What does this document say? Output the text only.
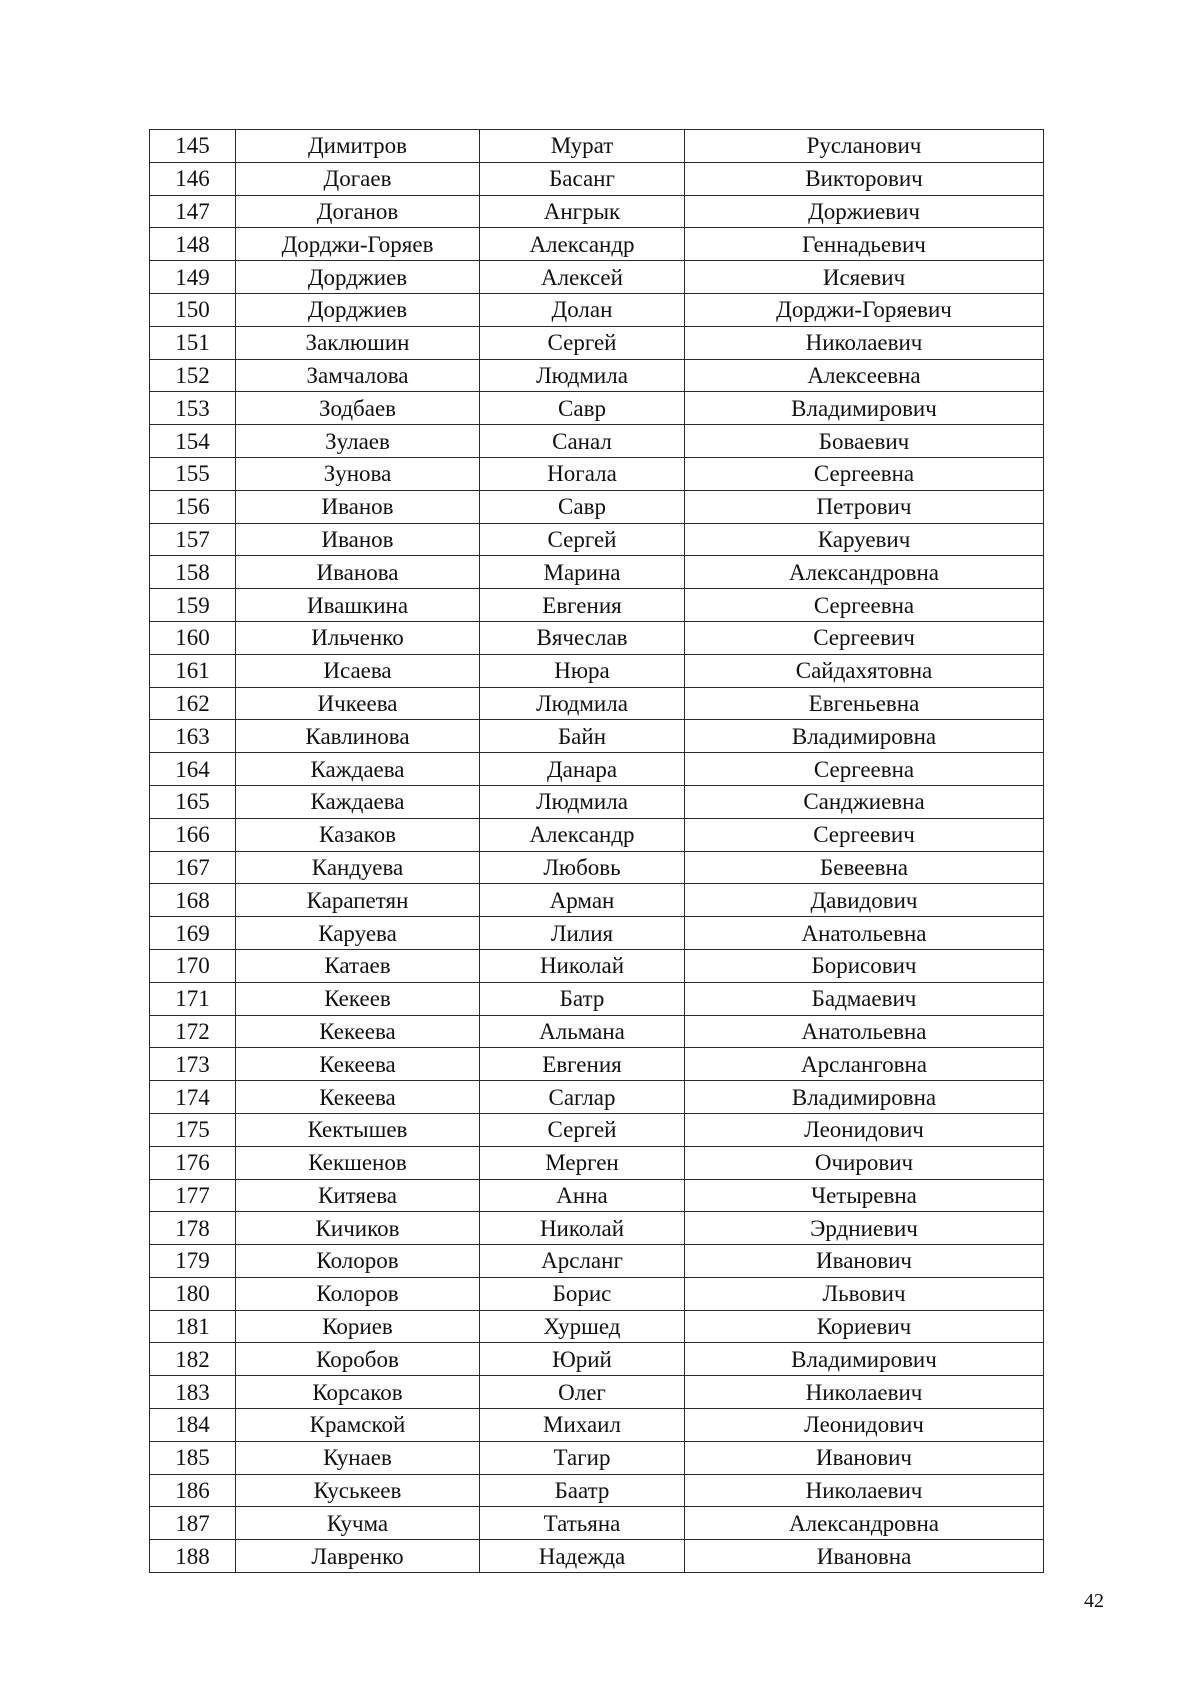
145	Димитров	Мурат	Русланович
146	Догаев	Басанг	Викторович
147	Доганов	Ангрык	Доржиевич
148	Дорджи-Горяев	Александр	Геннадьевич
149	Дорджиев	Алексей	Исяевич
150	Дорджиев	Долан	Дорджи-Горяевич
151	Заклюшин	Сергей	Николаевич
152	Замчалова	Людмила	Алексеевна
153	Зодбаев	Савр	Владимирович
154	Зулаев	Санал	Боваевич
155	Зунова	Ногала	Сергеевна
156	Иванов	Савр	Петрович
157	Иванов	Сергей	Каруевич
158	Иванова	Марина	Александровна
159	Ивашкина	Евгения	Сергеевна
160	Ильченко	Вячеслав	Сергеевич
161	Исаева	Нюра	Сайдахятовна
162	Ичкеева	Людмила	Евгеньевна
163	Кавлинова	Байн	Владимировна
164	Каждаева	Данара	Сергеевна
165	Каждаева	Людмила	Санджиевна
166	Казаков	Александр	Сергеевич
167	Кандуева	Любовь	Бевеевна
168	Карапетян	Арман	Давидович
169	Каруева	Лилия	Анатольевна
170	Катаев	Николай	Борисович
171	Кекеев	Батр	Бадмаевич
172	Кекеева	Альмана	Анатольевна
173	Кекеева	Евгения	Арсланговна
174	Кекеева	Саглар	Владимировна
175	Кектышев	Сергей	Леонидович
176	Кекшенов	Мерген	Очирович
177	Китяева	Анна	Четыревна
178	Кичиков	Николай	Эрдниевич
179	Колоров	Арсланг	Иванович
180	Колоров	Борис	Львович
181	Кориев	Хуршед	Кориевич
182	Коробов	Юрий	Владимирович
183	Корсаков	Олег	Николаевич
184	Крамской	Михаил	Леонидович
185	Кунаев	Тагир	Иванович
186	Куськеев	Баатр	Николаевич
187	Кучма	Татьяна	Александровна
188	Лавренко	Надежда	Ивановна
42
